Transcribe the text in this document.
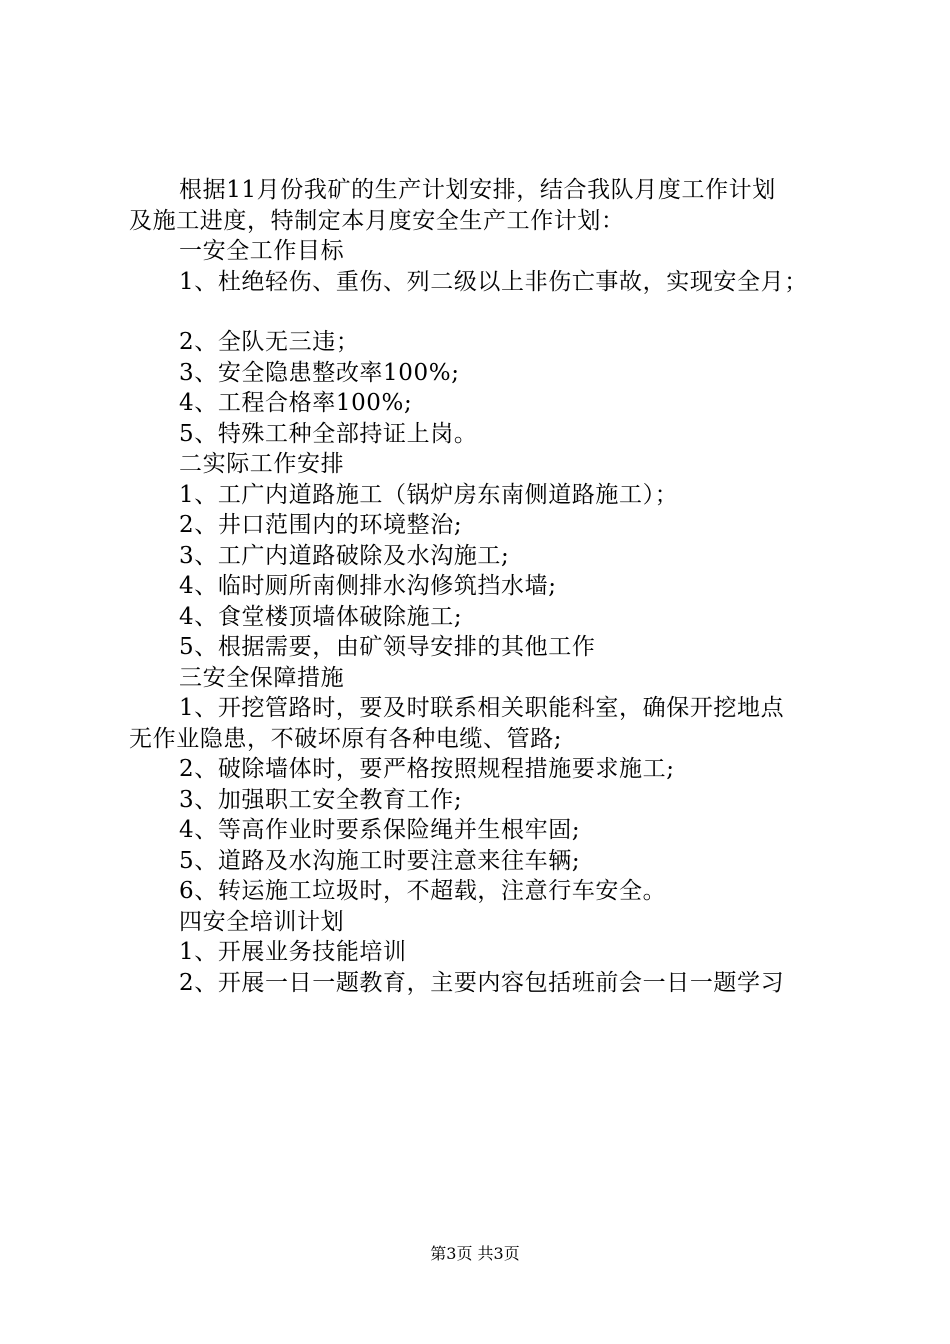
根据11月份我矿的生产计划安排，结合我队月度工作计划
及施工进度，特制定本月度安全生产工作计划：
一安全工作目标
1、杜绝轻伤、重伤、列二级以上非伤亡事故，实现安全月；
2、全队无三违；
3、安全隐患整改率100%;
4、工程合格率100%;
5、特殊工种全部持证上岗。
二实际工作安排
1、工广内道路施工（锅炉房东南侧道路施工）；
2、井口范围内的环境整治;
3、工广内道路破除及水沟施工;
4、临时厕所南侧排水沟修筑挡水墙;
4、食堂楼顶墙体破除施工;
5、根据需要，由矿领导安排的其他工作
三安全保障措施
1、开挖管路时，要及时联系相关职能科室，确保开挖地点
无作业隐患，不破坏原有各种电缆、管路;
2、破除墙体时，要严格按照规程措施要求施工;
3、加强职工安全教育工作;
4、等高作业时要系保险绳并生根牢固;
5、道路及水沟施工时要注意来往车辆;
6、转运施工垃圾时，不超载，注意行车安全。
四安全培训计划
1、开展业务技能培训
2、开展一日一题教育，主要内容包括班前会一日一题学习
第3页 共3页
